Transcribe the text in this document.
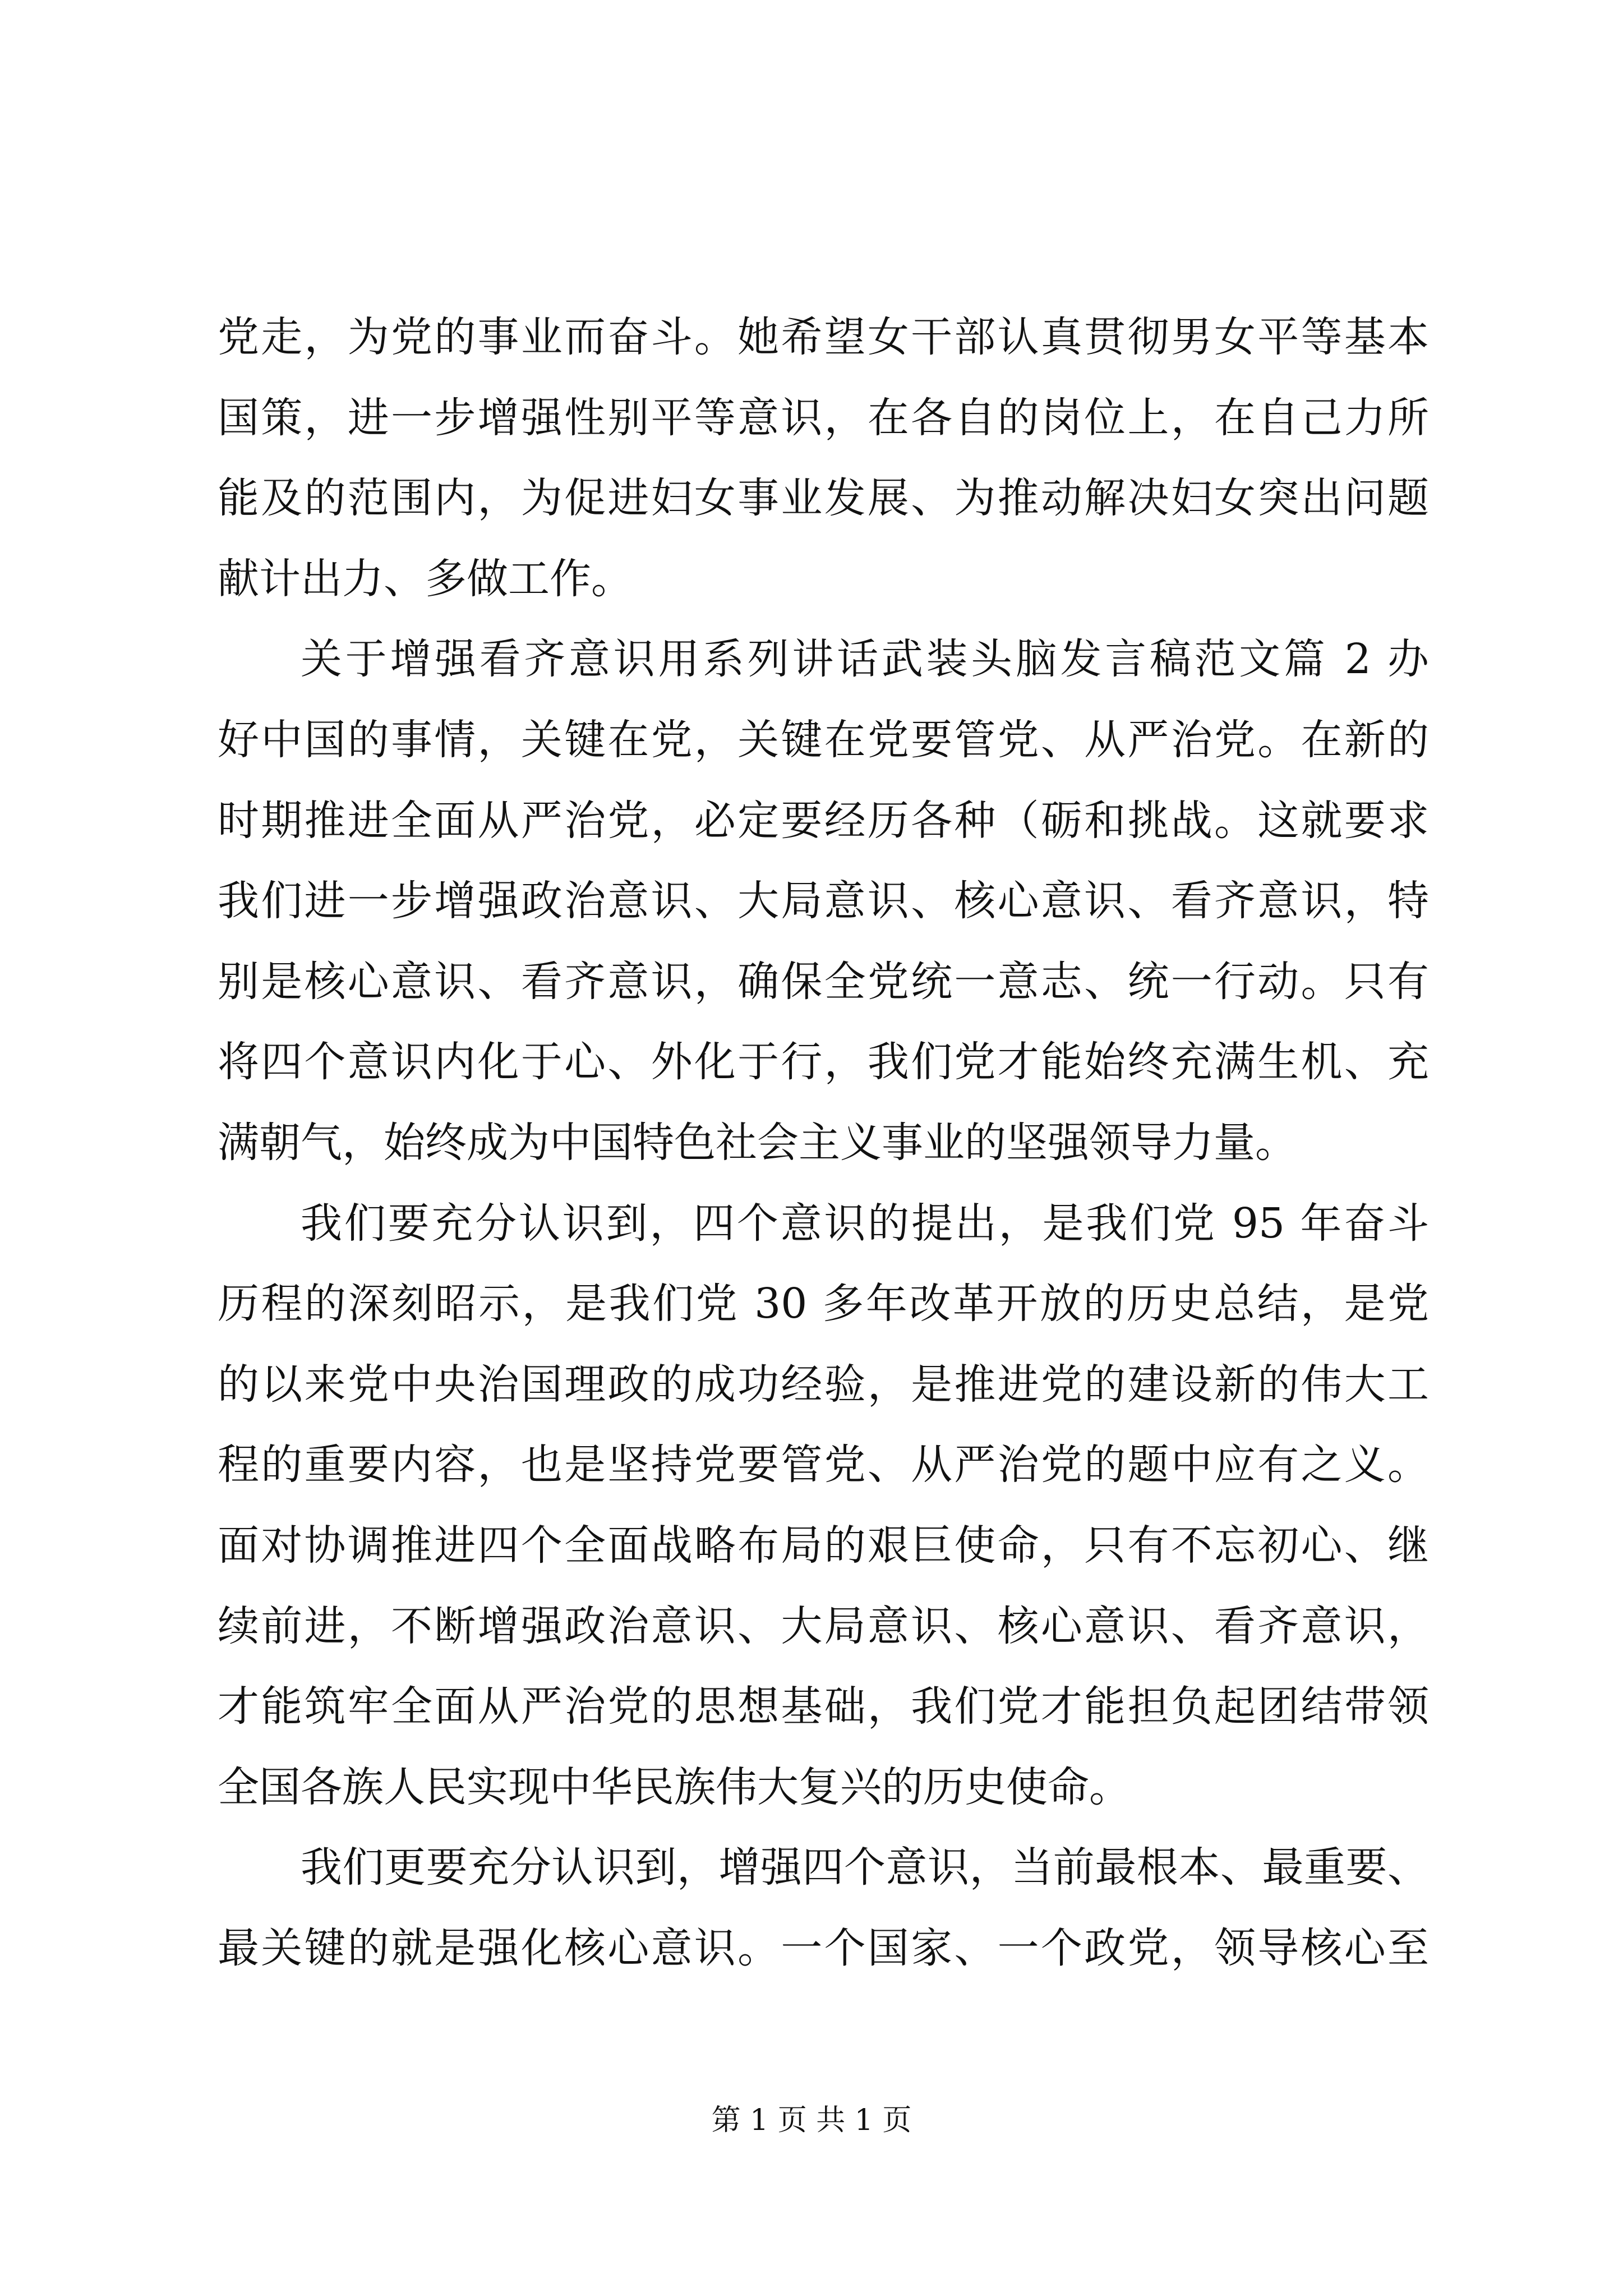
党走，为党的事业而奋斗。她希望女干部认真贯彻男女平等基本
国策，进一步增强性别平等意识，在各自的岗位上，在自己力所
能及的范围内，为促进妇女事业发展、为推动解决妇女突出问题
献计出力、多做工作。
关于增强看齐意识用系列讲话武装头脑发言稿范文篇 2 办
好中国的事情，关键在党，关键在党要管党、从严治党。在新的
时期推进全面从严治党，必定要经历各种（砺和挑战。这就要求
我们进一步增强政治意识、大局意识、核心意识、看齐意识，特
别是核心意识、看齐意识，确保全党统一意志、统一行动。只有
将四个意识内化于心、外化于行，我们党才能始终充满生机、充
满朝气，始终成为中国特色社会主义事业的坚强领导力量。
我们要充分认识到，四个意识的提出，是我们党 95 年奋斗
历程的深刻昭示，是我们党 30 多年改革开放的历史总结，是党
的以来党中央治国理政的成功经验，是推进党的建设新的伟大工
程的重要内容，也是坚持党要管党、从严治党的题中应有之义。
面对协调推进四个全面战略布局的艰巨使命，只有不忘初心、继
续前进，不断增强政治意识、大局意识、核心意识、看齐意识，
才能筑牢全面从严治党的思想基础，我们党才能担负起团结带领
全国各族人民实现中华民族伟大复兴的历史使命。
我们更要充分认识到，增强四个意识，当前最根本、最重要、
最关键的就是强化核心意识。一个国家、一个政党，领导核心至
第 1 页 共 1 页
